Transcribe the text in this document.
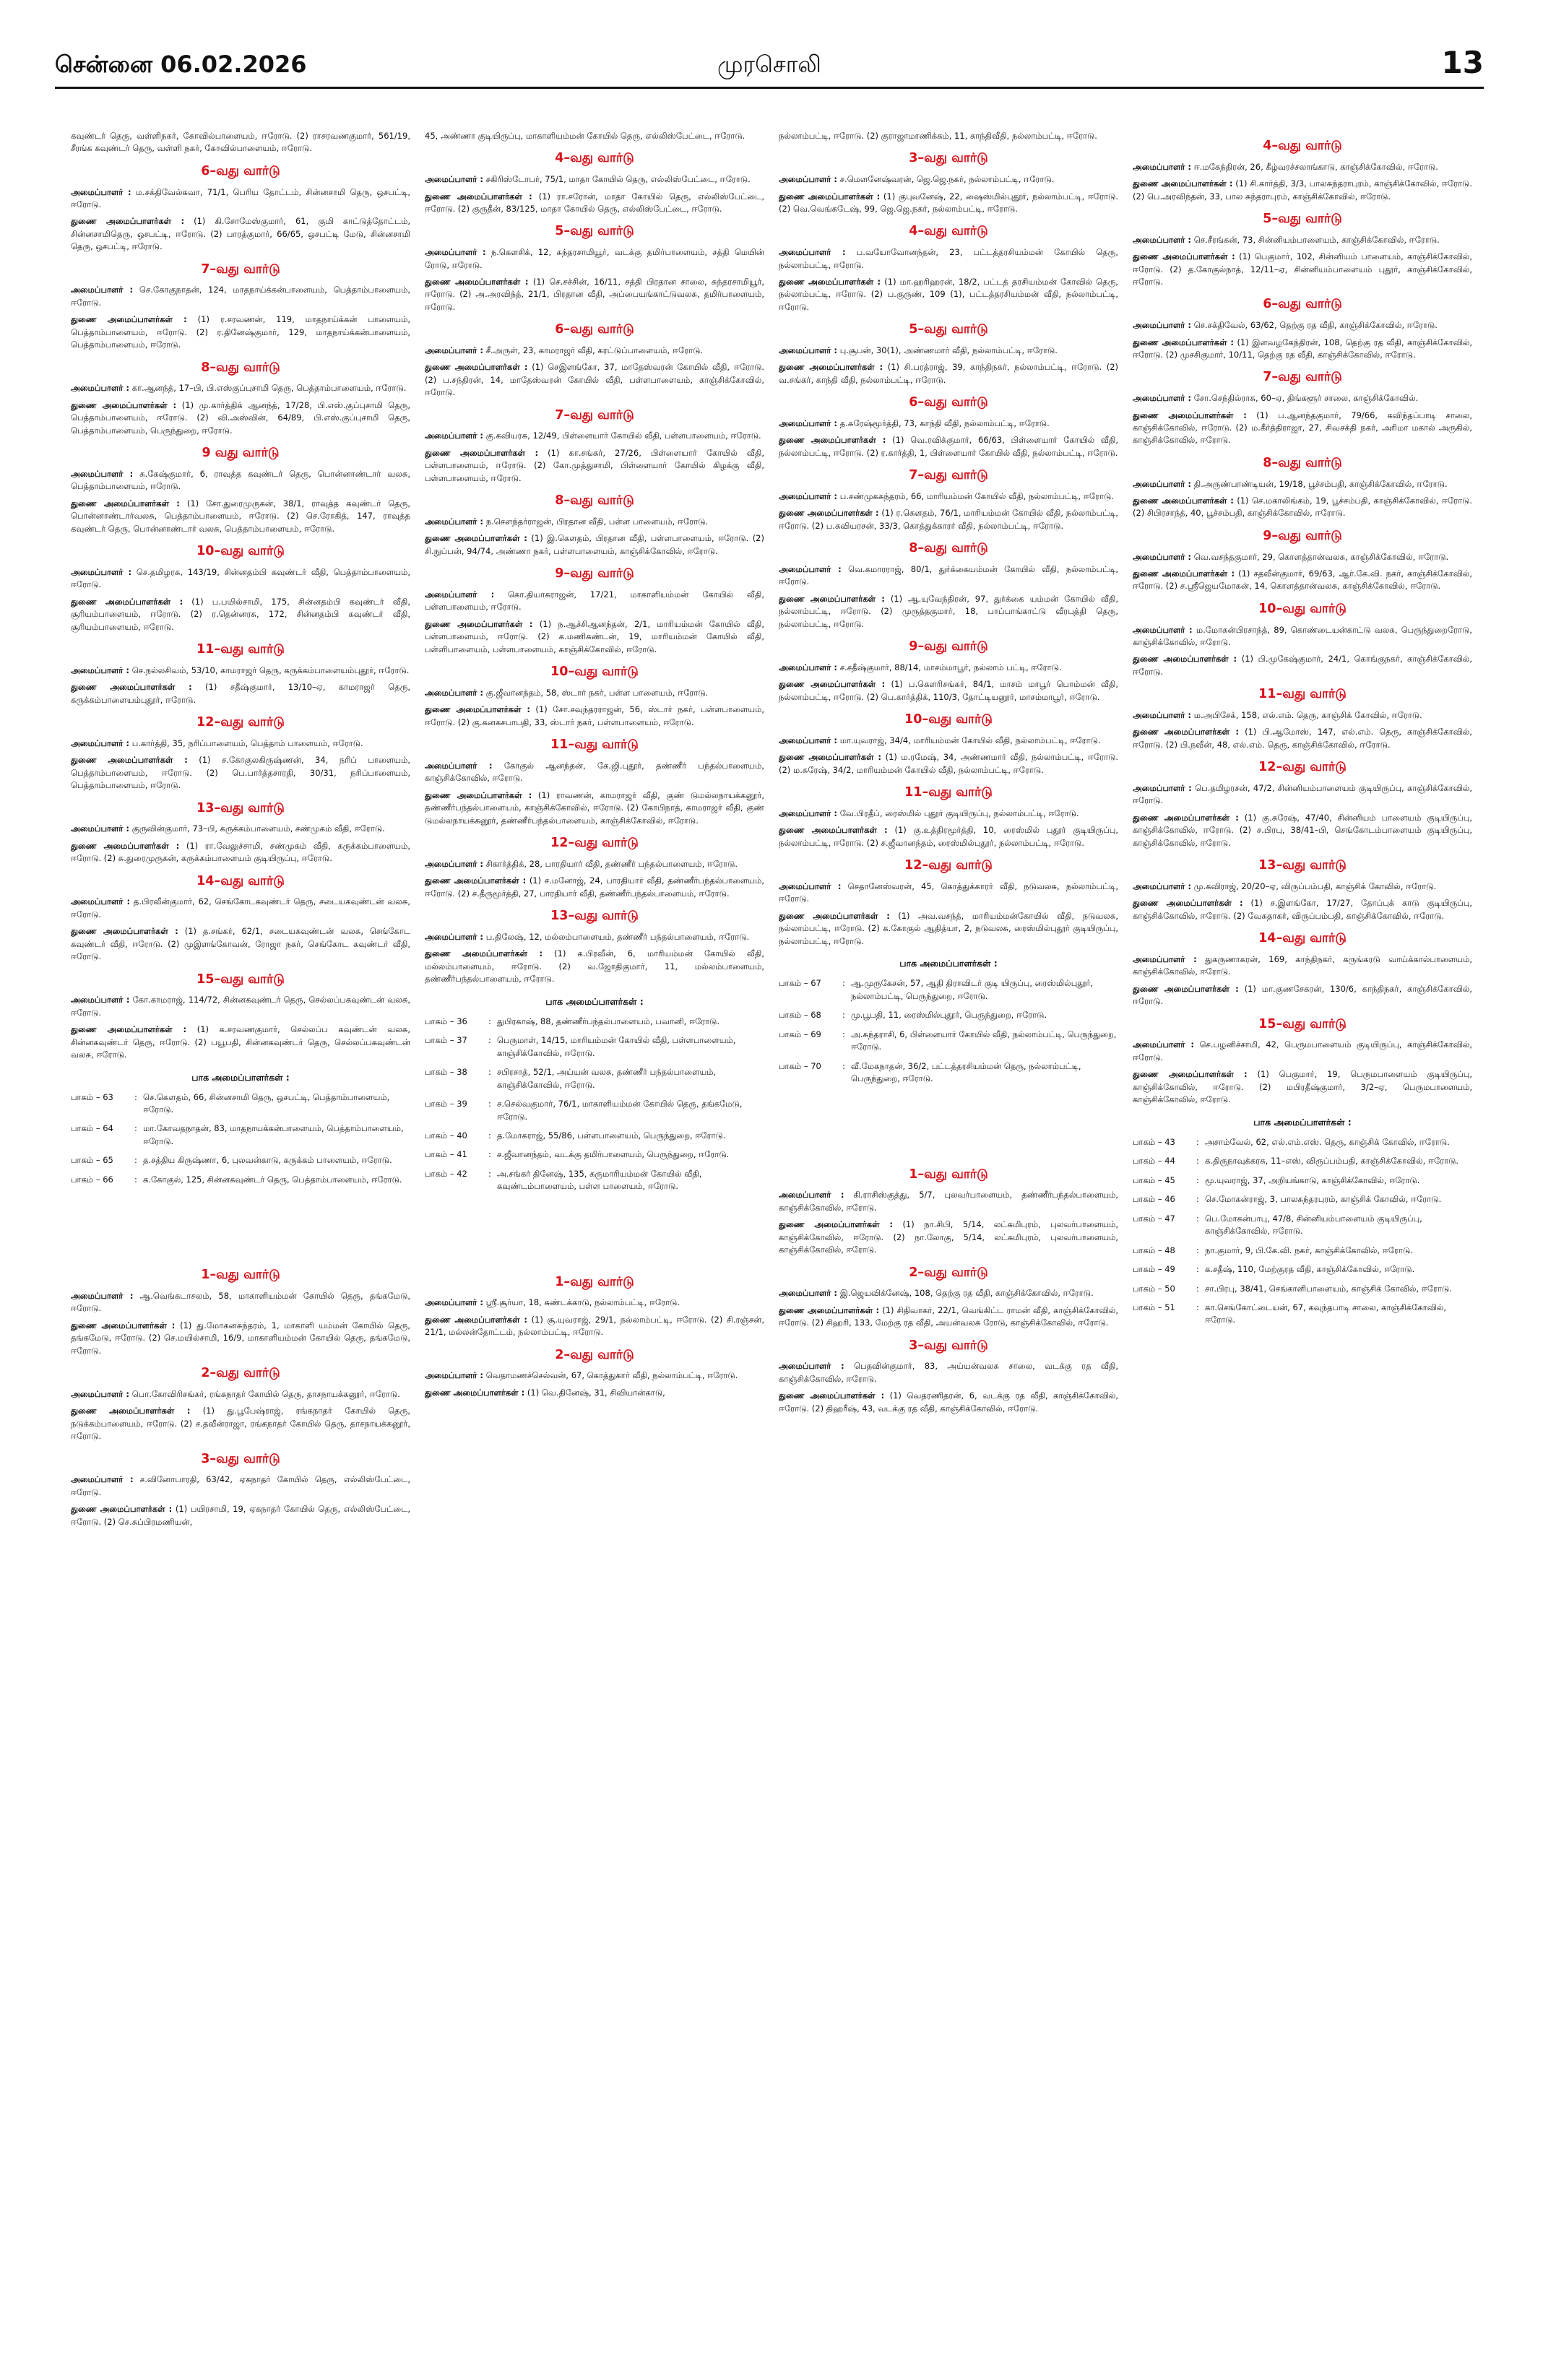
சென்னை 06.02.2026	முரசொலி	13

கவுண்டர் தெரு, வள்ளிநகர், கோவில்பாளையம், ஈரோடு. (2) ராசரவணகுமார், 561/19, சீரங்க கவுண்டர் தெரு, வள்ளி நகர், கோவில்பாளையம், ஈரோடு.

6–வது வார்டு

அமைப்பாளர் : ம.சக்திவேல்கவா, 71/1, பெரிய தோட்டம், சின்னசாமி தெரு, ஒசபட்டி, ஈரோடு.

துணை அமைப்பாளர்கள் : (1) கி.சோமேஸ்குமார், 61, குமி காட்டுத்தோட்டம், சின்னசாமிதெரு, ஒசபட்டி, ஈரோடு. (2) பாரத்குமார், 66/65, ஒசபட்டி மேடு, சின்னசாமி தெரு, ஒசபட்டி, ஈரோடு.

7–வது வார்டு

அமைப்பாளர் : செ.கோகுநாதன், 124, மாதநாய்க்கன்பாளையம், பெத்தாம்பாளையம், ஈரோடு.

துணை அமைப்பாளர்கள் : (1) ர.சரவணன், 119, மாதநாய்க்கன் பாளையம், பெத்தாம்பாளையம், ஈரோடு. (2) ர.தினேஷ்குமார், 129, மாதநாய்க்கன்பாளையம், பெத்தாம்பாளையம், ஈரோடு.

8–வது வார்டு

அமைப்பாளர் : கா.ஆனந்த், 17–பி, பி.எஸ்குப்புசாமி தெரு, பெத்தாம்பாளையம், ஈரோடு.

துணை அமைப்பாளர்கள் : (1) மு.கார்த்திக் ஆனந்த், 17/28, பி.எஸ்.குப்புசாமி தெரு, பெத்தாம்பாளையம், ஈரோடு. (2) வி.அஸ்வின், 64/89, பி.எஸ்.குப்புசாமி தெரு, பெத்தாம்பாளையம், பெருந்துறை, ஈரோடு.

9 வது வார்டு

அமைப்பாளர் : சு.கேஷ்குமார், 6, ராவுத்த கவுண்டர் தெரு, பொன்னாண்டார் வலசு, பெத்தாம்பாளையம், ஈரோடு.

துணை அமைப்பாளர்கள் : (1) சோ.துரைமுருகன், 38/1, ராவுத்த கவுண்டர் தெரு, பொன்னாண்டார்வலசு, பெத்தாம்பாளையம், ஈரோடு. (2) செ.ரோகித், 147, ராவுத்த கவுண்டர் தெரு, பொன்னாண்டார் வலசு, பெத்தாம்பாளையம், ஈரோடு.

10–வது வார்டு

அமைப்பாளர் : செ.தமிழரசு, 143/19, சின்னதம்பி கவுண்டர் வீதி, பெத்தாம்பாளையம், ஈரோடு.

துணை அமைப்பாளர்கள் : (1) ப.பயில்சாமி, 175, சின்னதம்பி கவுண்டர் வீதி, சூரியம்பாளையம், ஈரோடு. (2) ர.தென்னரசு, 172, சின்னதம்பி கவுண்டர் வீதி, சூரியம்பாளையம், ஈரோடு.

11–வது வார்டு

அமைப்பாளர் : செ.நல்லசிவம், 53/10, காமராஜர் தெரு, கருக்கம்பாளையம்புதூர், ஈரோடு.

துணை அமைப்பாளர்கள் : (1) சதீஷ்குமார், 13/10–ஏ, காமராஜர் தெரு, கருக்கம்பாளையம்புதூர், ஈரோடு.

12–வது வார்டு

அமைப்பாளர் : ப.கார்த்தி, 35, நரிப்பாளையம், பெத்தாம் பாளையம், ஈரோடு.

துணை அமைப்பாளர்கள் : (1) ச.கோகுலகிருஷ்ணன், 34, நரிப் பாளையம், பெத்தாம்பாளையம், ஈரோடு. (2) பெ.பார்த்தசாரதி, 30/31, நரிப்பாளையம், பெத்தாம்பாளையம், ஈரோடு.

13–வது வார்டு

அமைப்பாளர் : குருவின்குமார், 73–பி, கருக்கம்பாளையம், சண்முகம் வீதி, ஈரோடு.

துணை அமைப்பாளர்கள் : (1) ரா.வேலுச்சாமி, சண்முகம் வீதி, கருக்கம்பாளையம், ஈரோடு. (2) சு.துரைமுருகன், கருக்கம்பாளையம் குடியிருப்பு, ஈரோடு.

14–வது வார்டு

அமைப்பாளர் : த.பிரவீன்குமார், 62, செங்கோடகவுண்டர் தெரு, சடையகவுண்டன் வலசு, ஈரோடு.

துணை அமைப்பாளர்கள் : (1) த.சங்கர், 62/1, சடையகவுண்டன் வலசு, செங்கோட கவுண்டர் வீதி, ஈரோடு. (2) முஇளங்கோவன், ரோஜா நகர், செங்கோட கவுண்டர் வீதி, ஈரோடு.

15–வது வார்டு

அமைப்பாளர் : கோ.காமராஜ், 114/72, சின்னகவுண்டர் தெரு, செல்லப்பகவுண்டன் வலசு, ஈரோடு.

துணை அமைப்பாளர்கள் : (1) க.சரவணகுமார், செல்லப்ப கவுண்டன் வலசு, சின்னகவுண்டர் தெரு, ஈரோடு. (2) பயூபதி, சின்னகவுண்டர் தெரு, செல்லப்பகவுண்டன் வலசு, ஈரோடு.

பாக அமைப்பாளர்கள் :
பாகம் – 63	: செ.கௌதம், 66, சின்னசாமி தெரு, ஒசபட்டி, பெத்தாம்பாளையம், ஈரோடு.
பாகம் – 64	: மா.கோவதநாதன், 83, மாதநாயக்கன்பாளையம், பெத்தாம்பாளையம், ஈரோடு.
பாகம் – 65	: த.சத்திய கிருஷ்ணா, 6, புலவன்காடு, கருக்கம் பாளையம், ஈரோடு.
பாகம் – 66	: க.கோகுல், 125, சின்னகவுண்டர் தெரு, பெத்தாம்பாளையம், ஈரோடு.
1–வது வார்டு

அமைப்பாளர் : ஆ.வெங்கடாசலம், 58, மாகாளியம்மன் கோயில் தெரு, தங்கமேடு, ஈரோடு.

துணை அமைப்பாளர்கள் : (1) து.மோகனசுந்தரம், 1, மாகாளி யம்மன் கோயில் தெரு, தங்கமேடு, ஈரோடு. (2) செ.மயில்சாமி, 16/9, மாகாளியம்மன் கோயில் தெரு, தங்கமேடு, ஈரோடு.

2–வது வார்டு

அமைப்பாளர் : பொ.கோவிரிசங்கர், ரங்கநாதர் கோயில் தெரு, தாசநாயக்கனூர், ஈரோடு.

துணை அமைப்பாளர்கள் : (1) து.பூபேஷ்ராஜ், ரங்கநாதர் கோயில் தெரு, நடுக்கம்பாளையம், ஈரோடு. (2) ச.தவீன்ராஜா, ரங்கநாதர் கோயில் தெரு, தாசநாயக்கனூர், ஈரோடு.

3–வது வார்டு

அமைப்பாளர் : ச.வினோபாரதி, 63/42, ஏகநாதர் கோயில் தெரு, எல்லிஸ்பேட்டை, ஈரோடு.

துணை அமைப்பாளர்கள் : (1) பயிரசாமி, 19, ஏகநாதர் கோயில் தெரு, எல்லிஸ்பேட்டை, ஈரோடு. (2) செ.சுப்பிரமணியன்,

45, அண்ணா குடியிருப்பு, மாகாளியம்மன் கோயில் தெரு, எல்லிஸ்பேட்டை, ஈரோடு.

4–வது வார்டு

அமைப்பாளர் : சகிரிஸ்டோபர், 75/1, மாதா கோயில் தெரு, எல்லிஸ்பேட்டை, ஈரோடு.

துணை அமைப்பாளர்கள் : (1) ரா.சரோன், மாதா கோயில் தெரு, எல்லிஸ்பேட்டை, ஈரோடு. (2) குருதீன், 83/125, மாதா கோயில் தெரு, எல்லிஸ்பேட்டை, ஈரோடு.

5–வது வார்டு

அமைப்பாளர் : ந.கௌசிக், 12, சுந்தரசாமியூர், வடக்கு தமிர்பாளையம், சத்தி மெயின் ரோடு, ஈரோடு.

துணை அமைப்பாளர்கள் : (1) செ.சச்சின், 16/11, சத்தி பிரதான சாலை, சுந்தரசாமியூர், ஈரோடு. (2) அ.அரவிந்த், 21/1, பிரதான வீதி, அப்பையங்காட்டுவலசு, தமிர்பாளையம், ஈரோடு.

6–வது வார்டு

அமைப்பாளர் : சீ.அருள், 23, காமராஜர் வீதி, கரட்டுப்பாளையம், ஈரோடு.

துணை அமைப்பாளர்கள் : (1) செஇளங்கோ, 37, மாதேஸ்வரன் கோயில் வீதி, ஈரோடு. (2) ப.சந்திரன், 14, மாதேஸ்வரன் கோயில் வீதி, பள்ளபாளையம், காஞ்சிக்கோவில், ஈரோடு.

7–வது வார்டு

அமைப்பாளர் : கு.கவியரசு, 12/49, பிள்ளையார் கோயில் வீதி, பள்ளபாளையம், ஈரோடு.

துணை அமைப்பாளர்கள் : (1) கா.சங்கர், 27/26, பிள்ளையார் கோயில் வீதி, பள்ளபாளையம், ஈரோடு. (2) கோ.முத்துசாமி, பிள்ளையார் கோயில் கிழக்கு வீதி, பள்ளபாளையம், ஈரோடு.

8–வது வார்டு

அமைப்பாளர் : ந.சௌந்தர்ராஜன், பிரதான வீதி, பள்ள பாளையம், ஈரோடு.

துணை அமைப்பாளர்கள் : (1) இ.கௌதம், பிரதான வீதி, பள்ளபாளையம், ஈரோடு. (2) சி.நுப்பன், 94/74, அண்ணா நகர், பள்ளபாளையம், காஞ்சிக்கோவில், ஈரோடு.

9–வது வார்டு

அமைப்பாளர் : கொ.தியாகராஜன், 17/21, மாகாளியம்மன் கோயில் வீதி, பள்ளபாளையம், ஈரோடு.

துணை அமைப்பாளர்கள் : (1) ந.ஆச்சிஆனந்தன், 2/1, மாரியம்மன் கோயில் வீதி, பள்ளபாளையம், ஈரோடு. (2) க.மணிகண்டன், 19, மாரியம்மன் கோயில் வீதி, பள்ளிபாளையம், பள்ளபாளையம், காஞ்சிக்கோவில், ஈரோடு.

10–வது வார்டு

அமைப்பாளர் : கு.ஜீவானந்தம், 58, ஸ்டார் நகர், பள்ள பாளையம், ஈரோடு.

துணை அமைப்பாளர்கள் : (1) சோ.சவுந்தரராஜன், 56, ஸ்டார் நகர், பள்ளபாளையம், ஈரோடு. (2) கு.கனகசபாபதி, 33, ஸ்டார் நகர், பள்ளபாளையம், ஈரோடு.

11–வது வார்டு

அமைப்பாளர் : கோகுல் ஆனந்தன், கே.ஜி.புதூர், தண்ணீர் பந்தல்பாளையம், காஞ்சிக்கோவில், ஈரோடு.

துணை அமைப்பாளர்கள் : (1) ராவணன், காமராஜர் வீதி, குண் டுமல்லநாயக்கனூர், தண்ணீர்பந்தல்பாளையம், காஞ்சிக்கோவில், ஈரோடு. (2) கோபிநாத், காமராஜர் வீதி, குண் டுமல்லநாயக்கனூர், தண்ணீர்பந்தல்பாளையம், காஞ்சிக்கோவில், ஈரோடு.

12–வது வார்டு

அமைப்பாளர் : சிகார்த்திக், 28, பாரதியார் வீதி, தண்ணீர் பந்தல்பாளையம், ஈரோடு.

துணை அமைப்பாளர்கள் : (1) ச.மனோஜ், 24, பாரதியார் வீதி, தண்ணீர்பந்தல்பாளையம், ஈரோடு. (2) ச.தீருமூர்த்தி, 27, பாரதியார் வீதி, தண்ணீர்பந்தல்பாளையம், ஈரோடு.

13–வது வார்டு

அமைப்பாளர் : ப.திலேஷ், 12, மல்லம்பாளையம், தண்ணீர் பந்தல்பாளையம், ஈரோடு.

துணை அமைப்பாளர்கள் : (1) க.பிரவீன், 6, மாரியம்மன் கோயில் வீதி, மல்லம்பாளையம், ஈரோடு. (2) வ.ஜோதிகுமார், 11, மல்லம்பாளையம், தண்ணீர்பந்தல்பாளையம், ஈரோடு.

பாக அமைப்பாளர்கள் :
பாகம் – 36	: துபிரகாஷ், 88, தண்ணீர்பந்தல்பாளையம், பவானி, ஈரோடு.
பாகம் – 37	: பெருமாள், 14/15, மாரியம்மன் கோயில் வீதி, பள்ளபாளையம், காஞ்சிக்கோவில், ஈரோடு.
பாகம் – 38	: சபிரசாத், 52/1, அய்யன் வலசு, தண்ணீர் பந்தல்பாளையம், காஞ்சிக்கோவில், ஈரோடு.
பாகம் – 39	: ச.செல்வகுமார், 76/1, மாகாளியம்மன் கோயில் தெரு, தங்கமேடு, ஈரோடு.
பாகம் – 40	: த.மோகராஜ், 55/86, பள்ளபாளையம், பெருந்துறை, ஈரோடு.
பாகம் – 41	: ச.ஜீவானந்தம், வடக்கு தமிர்பாளையம், பெருந்துறை, ஈரோடு.
பாகம் – 42	: அ.சங்கர் தினேஷ், 135, கருமாரியம்மன் கோயில் வீதி, கவுண்டம்பாளையம், பள்ள பாளையம், ஈரோடு.
1–வது வார்டு

அமைப்பாளர் : ஸ்ரீ.சூர்யா, 18, சுண்டக்காடு, நல்லாம்பட்டி, ஈரோடு.

துணை அமைப்பாளர்கள் : (1) சூ.யுவராஜ், 29/1, நல்லாம்பட்டி, ஈரோடு. (2) சி.ரஞ்சன், 21/1, மல்லன்தோட்டம், நல்லாம்பட்டி, ஈரோடு.

2–வது வார்டு

அமைப்பாளர் : வெதாமணச்செல்வன், 67, கொத்துகார் வீதி, நல்லாம்பட்டி, ஈரோடு.

துணை அமைப்பாளர்கள் : (1) வெ.தினேஷ், 31, சிவியான்காடு,

நல்லாம்பட்டி, ஈரோடு. (2) குராஜாமாணிக்கம், 11, காந்திவீதி, நல்லாம்பட்டி, ஈரோடு.

3–வது வார்டு

அமைப்பாளர் : ச.மௌனேஷ்வரன், ஜெ.ஜெ.நகர், நல்லாம்பட்டி, ஈரோடு.

துணை அமைப்பாளர்கள் : (1) குபுவனேஷ், 22, ஷைஸ்மில்புதூர், நல்லாம்பட்டி, ஈரோடு. (2) வெ.வெங்கடேஷ், 99, ஜெ.ஜெ.நகர், நல்லாம்பட்டி, ஈரோடு.

4–வது வார்டு

அமைப்பாளர் : ப.வயோவோனந்தன், 23, பட்டத்தரசியம்மன் கோயில் தெரு, நல்லாம்பட்டி, ஈரோடு.

துணை அமைப்பாளர்கள் : (1) மா.ஹரிஹரன், 18/2, பட்டத் தரசியம்மன் கோவில் தெரு, நல்லாம்பட்டி, ஈரோடு. (2) ப.குருண், 109 (1), பட்டத்தரசியம்மன் வீதி, நல்லாம்பட்டி, ஈரோடு.

5–வது வார்டு

அமைப்பாளர் : பு.சூபன், 30(1), அண்ணமார் வீதி, நல்லாம்பட்டி, ஈரோடு.

துணை அமைப்பாளர்கள் : (1) சி.பரத்ராஜ், 39, காந்திநகர், நல்லாம்பட்டி, ஈரோடு. (2) வ.சங்கர், காந்தி வீதி, நல்லாம்பட்டி, ஈரோடு.

6–வது வார்டு

அமைப்பாளர் : த.சுரேஷ்மூர்த்தி, 73, காந்தி வீதி, நல்லாம்பட்டி, ஈரோடு.

துணை அமைப்பாளர்கள் : (1) வெ.ரவிக்குமார், 66/63, பிள்ளையார் கோயில் வீதி, நல்லாம்பட்டி, ஈரோடு. (2) ர.கார்த்தி, 1, பிள்ளையார் கோயில் வீதி, நல்லாம்பட்டி, ஈரோடு.

7–வது வார்டு

அமைப்பாளர் : ப.சண்முகசுந்தரம், 66, மாரியம்மன் கோயில் வீதி, நல்லாம்பட்டி, ஈரோடு.

துணை அமைப்பாளர்கள் : (1) ர.கௌதம், 76/1, மாரியம்மன் கோயில் வீதி, நல்லாம்பட்டி, ஈரோடு. (2) ப.கவியரசன், 33/3, கொத்துக்காரர் வீதி, நல்லாம்பட்டி, ஈரோடு.

8–வது வார்டு

அமைப்பாளர் : வெ.கமாரராஜ், 80/1, துர்க்கையம்மன் கோயில் வீதி, நல்லாம்பட்டி, ஈரோடு.

துணை அமைப்பாளர்கள் : (1) ஆ.யுவேந்திரன், 97, துர்க்கை யம்மன் கோயில் வீதி, நல்லாம்பட்டி, ஈரோடு. (2) முருத்தகுமார், 18, பாப்பாங்காட்டு வீரபுத்தி தெரு, நல்லாம்பட்டி, ஈரோடு.

9–வது வார்டு

அமைப்பாளர் : ச.சதீஷ்குமார், 88/14, மாசம்மாபூர், நல்லாம் பட்டி, ஈரோடு.

துணை அமைப்பாளர்கள் : (1) ப.கௌரிசங்கர், 84/1, மாசம் மாபூர் பொம்மன் வீதி, நல்லாம்பட்டி, ஈரோடு. (2) பெ.கார்த்திக், 110/3, தோட்டியனூர், மாசம்மாபூர், ஈரோடு.

10–வது வார்டு

அமைப்பாளர் : மா.யுவராஜ், 34/4, மாரியம்மன் கோயில் வீதி, நல்லாம்பட்டி, ஈரோடு.

துணை அமைப்பாளர்கள் : (1) ம.ரமேஷ், 34, அண்ணமார் வீதி, நல்லாம்பட்டி, ஈரோடு. (2) ம.சுரேஷ், 34/2, மாரியம்மன் கோயில் வீதி, நல்லாம்பட்டி, ஈரோடு.

11–வது வார்டு

அமைப்பாளர் : வே.பிரதீப், ரைஸ்மில் புதூர் குடியிருப்பு, நல்லாம்பட்டி, ஈரோடு.

துணை அமைப்பாளர்கள் : (1) கு.உத்திரமூர்த்தி, 10, ரைஸ்மில் புதூர் குடியிருப்பு, நல்லாம்பட்டி, ஈரோடு. (2) ச.ஜீவானந்தம், ரைஸ்மில்புதூர், நல்லாம்பட்டி, ஈரோடு.

12–வது வார்டு

அமைப்பாளர் : செதானேஸ்வரன், 45, கொத்துக்காரர் வீதி, நடுவலசு, நல்லாம்பட்டி, ஈரோடு.

துணை அமைப்பாளர்கள் : (1) அவ.வசந்த், மாரியம்மன்கோயில் வீதி, நடுவலசு, நல்லாம்பட்டி, ஈரோடு. (2) க.கோகுல் ஆதித்யா, 2, நடுவலசு, ரைஸ்மில்புதூர் குடியிருப்பு, நல்லாம்பட்டி, ஈரோடு.

பாக அமைப்பாளர்கள் :
பாகம் – 67	: ஆ.முருகேசன், 57, ஆதி திராவிடர் குடி யிருப்பு, ரைஸ்மில்புதூர், நல்லாம்பட்டி, பெருந்துறை, ஈரோடு.
பாகம் – 68	: மு.பூபதி, 11, ரைஸ்மில்புதூர், பெருந்துறை, ஈரோடு.
பாகம் – 69	: அ.சுந்தராசி, 6, பிள்ளையார் கோயில் வீதி, நல்லாம்பட்டி, பெருந்துறை, ஈரோடு.
பாகம் – 70	: வீ.மேகநாதன், 36/2, பட்டத்தரசியம்மன் தெரு, நல்லாம்பட்டி, பெருந்துறை, ஈரோடு.
1–வது வார்டு

அமைப்பாளர் : கி.ராசிஸ்குத்து, 5/7, புலவர்பாளையம், தண்ணீர்பந்தல்பாளையம், காஞ்சிக்கோவில், ஈரோடு.

துணை அமைப்பாளர்கள் : (1) நா.சிபி, 5/14, லட்சுமிபுரம், புலவர்பாளையம், காஞ்சிக்கோவில், ஈரோடு. (2) நா.லோகு, 5/14, லட்சுமிபுரம், புலவர்பாளையம், காஞ்சிக்கோவில், ஈரோடு.

2–வது வார்டு

அமைப்பாளர் : இ.ஜெயவிக்னேஷ், 108, தெற்கு ரத வீதி, காஞ்சிக்கோவில், ஈரோடு.

துணை அமைப்பாளர்கள் : (1) சிதிவாகர், 22/1, வெங்கிட்ட ராமன் வீதி, காஞ்சிக்கோவில், ஈரோடு. (2) சிஹரி, 133, மேற்கு ரத வீதி, அயன்வலசு ரோடு, காஞ்சிக்கோவில், ஈரோடு.

3–வது வார்டு

அமைப்பாளர் : பெதவின்குமார், 83, அய்யன்வலசு சாலை, வடக்கு ரத வீதி, காஞ்சிக்கோவில், ஈரோடு.

துணை அமைப்பாளர்கள் : (1) வெதரணிதரன், 6, வடக்கு ரத வீதி, காஞ்சிக்கோவில், ஈரோடு. (2) திஹரீஷ், 43, வடக்கு ரத வீதி, காஞ்சிக்கோவில், ஈரோடு.

4–வது வார்டு

அமைப்பாளர் : ஈ.மகேந்திரன், 26, கீழ்வரச்சலாங்காடு, காஞ்சிக்கோவில், ஈரோடு.

துணை அமைப்பாளர்கள் : (1) சி.கார்த்தி, 3/3, பாலசுந்தராபுரம், காஞ்சிக்கோவில், ஈரோடு. (2) பெ.அரவிந்தன், 33, பால சுந்தராபுரம், காஞ்சிக்கோவில், ஈரோடு.

5–வது வார்டு

அமைப்பாளர் : செ.சீரங்கன், 73, சின்னியம்பாளையம், காஞ்சிக்கோவில், ஈரோடு.

துணை அமைப்பாளர்கள் : (1) பெகுமார், 102, சின்னியம் பாளையம், காஞ்சிக்கோவில், ஈரோடு. (2) த.கோகுல்நாத், 12/11–ஏ, சின்னியம்பாளையம் புதூர், காஞ்சிக்கோவில், ஈரோடு.

6–வது வார்டு

அமைப்பாளர் : செ.சக்திவேல், 63/62, தெற்கு ரத வீதி, காஞ்சிக்கோவில், ஈரோடு.

துணை அமைப்பாளர்கள் : (1) இளவழகேந்திரன், 108, தெற்கு ரத வீதி, காஞ்சிக்கோவில், ஈரோடு. (2) முசசிகுமார், 10/11, தெற்கு ரத வீதி, காஞ்சிக்கோவில், ஈரோடு.

7–வது வார்டு

அமைப்பாளர் : சோ.செந்தில்ராசு, 60–ஏ, திங்களூர் சாலை, காஞ்சிக்கோவில்.

துணை அமைப்பாளர்கள் : (1) ப.ஆனந்தகுமார், 79/66, கவிந்தப்பாடி சாலை, காஞ்சிக்கோவில், ஈரோடு. (2) ம.கீர்த்திராஜா, 27, சிவசக்தி நகர், அரிமா மகால் அருகில், காஞ்சிக்கோவில், ஈரோடு.

8–வது வார்டு

அமைப்பாளர் : தி.அருண்பாண்டியன், 19/18, பூச்சம்பதி, காஞ்சிக்கோவில், ஈரோடு.

துணை அமைப்பாளர்கள் : (1) செ.மகாலிங்கம், 19, பூச்சம்பதி, காஞ்சிக்கோவில், ஈரோடு. (2) சிபிரசாந்த், 40, பூச்சம்பதி, காஞ்சிக்கோவில், ஈரோடு.

9–வது வார்டு

அமைப்பாளர் : வெ.வசந்தகுமார், 29, கொளத்தான்வலசு, காஞ்சிக்கோவில், ஈரோடு.

துணை அமைப்பாளர்கள் : (1) சதவீன்குமார், 69/63, ஆர்.கே.வி. நகர், காஞ்சிக்கோவில், ஈரோடு. (2) ச.ஸ்ரீஜெயமோகன், 14, கொளத்தான்வலசு, காஞ்சிக்கோவில், ஈரோடு.

10–வது வார்டு

அமைப்பாளர் : ம.மோகன்பிரசாந்த், 89, கொண்டையன்காட்டு வலசு, பெருந்துறைரோடு, காஞ்சிக்கோவில், ஈரோடு.

துணை அமைப்பாளர்கள் : (1) பி.முகேஷ்குமார், 24/1, கொங்குநகர், காஞ்சிக்கோவில், ஈரோடு.

11–வது வார்டு

அமைப்பாளர் : ம.அபிசேக், 158, எல்.எம். தெரு, காஞ்சிக் கோவில், ஈரோடு.

துணை அமைப்பாளர்கள் : (1) பி.ஆமோஸ், 147, எல்.எம். தெரு, காஞ்சிக்கோவில், ஈரோடு. (2) பி.நவீன், 48, எல்.எம். தெரு, காஞ்சிக்கோவில், ஈரோடு.

12–வது வார்டு

அமைப்பாளர் : பெ.தமிழரசன், 47/2, சின்னியம்பாளையம் குடியிருப்பு, காஞ்சிக்கோவில், ஈரோடு.

துணை அமைப்பாளர்கள் : (1) கு.சுரேஷ், 47/40, சின்னியம் பாளையம் குடியிருப்பு, காஞ்சிக்கோவில், ஈரோடு. (2) ச.பிரபு, 38/41–பி, செங்கோடம்பாளையம் குடியிருப்பு, காஞ்சிக்கோவில், ஈரோடு.

13–வது வார்டு

அமைப்பாளர் : மு.கவிராஜ், 20/20–ஏ, விருப்பம்பதி, காஞ்சிக் கோவில், ஈரோடு.

துணை அமைப்பாளர்கள் : (1) ச.இளங்கோ, 17/27, தோப்புக் காடு குடியிருப்பு, காஞ்சிக்கோவில், ஈரோடு. (2) வேசுதாகர், விருப்பம்பதி, காஞ்சிக்கோவில், ஈரோடு.

14–வது வார்டு

அமைப்பாளர் : துகருணாகரன், 169, காந்திநகர், கருங்கரடு வாய்க்கால்பாளையம், காஞ்சிக்கோவில், ஈரோடு.

துணை அமைப்பாளர்கள் : (1) மா.குணசேகரன், 130/6, காந்திநகர், காஞ்சிக்கோவில், ஈரோடு.

15–வது வார்டு

அமைப்பாளர் : செ.பழனிச்சாமி, 42, பெருமபாளையம் குடியிருப்பு, காஞ்சிக்கோவில், ஈரோடு.

துணை அமைப்பாளர்கள் : (1) பெகுமார், 19, பெருமபாளையம் குடியிருப்பு, காஞ்சிக்கோவில், ஈரோடு. (2) மபிரதீஷ்குமார், 3/2–ஏ, பெருமபாளையம், காஞ்சிக்கோவில், ஈரோடு.

பாக அமைப்பாளர்கள் :
பாகம் – 43	: அசாம்வேல், 62, எல்.எம்.எஸ். தெரு, காஞ்சிக் கோவில், ஈரோடு.
பாகம் – 44	: க.திருநாவுக்கரசு, 11–எஸ், விருப்பம்பதி, காஞ்சிக்கோவில், ஈரோடு.
பாகம் – 45	: மூ.யுவராஜ், 37, அறியங்காடு, காஞ்சிக்கோவில், ஈரோடு.
பாகம் – 46	: செ.மோகன்ராஜ், 3, பாலசுந்தரபுரம், காஞ்சிக் கோவில், ஈரோடு.
பாகம் – 47	: பெ.மோகன்பாபு, 47/8, சின்னியம்பாளையம் குடியிருப்பு, காஞ்சிக்கோவில், ஈரோடு.
பாகம் – 48	: நா.குமார், 9, பி.கே.வி. நகர், காஞ்சிக்கோவில், ஈரோடு.
பாகம் – 49	: க.சதீஷ், 110, மேற்குரத வீதி, காஞ்சிக்கோவில், ஈரோடு.
பாகம் – 50	: சா.பிரபு, 38/41, செங்காளிபாளையம், காஞ்சிக் கோவில், ஈரோடு.
பாகம் – 51	: கா.செங்கோட்டையன், 67, கவுந்தபாடி சாலை, காஞ்சிக்கோவில், ஈரோடு.
